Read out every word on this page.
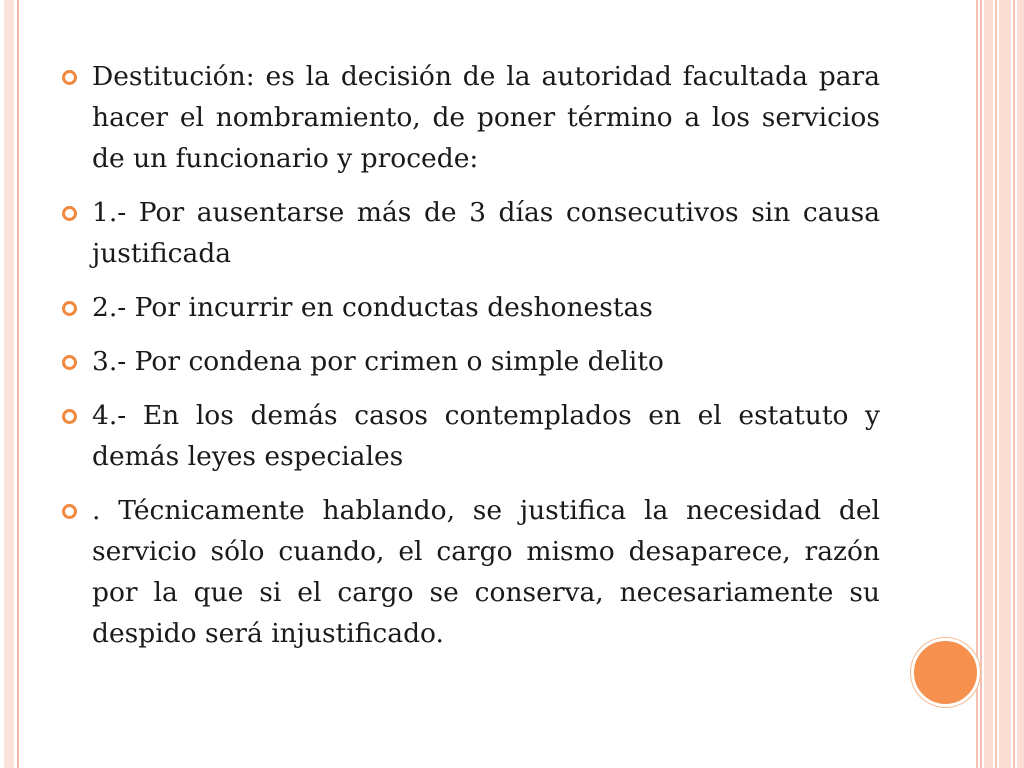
Destitución: es la decisión de la autoridad facultada para hacer el nombramiento, de poner término a los servicios de un funcionario y procede:
1.- Por ausentarse más de 3 días consecutivos sin causa justificada
2.- Por incurrir en conductas deshonestas
3.- Por condena por crimen o simple delito
4.- En los demás casos contemplados en el estatuto y demás leyes especiales
. Técnicamente hablando, se justifica la necesidad del servicio sólo cuando, el cargo mismo desaparece, razón por la que si el cargo se conserva, necesariamente su despido será injustificado.
